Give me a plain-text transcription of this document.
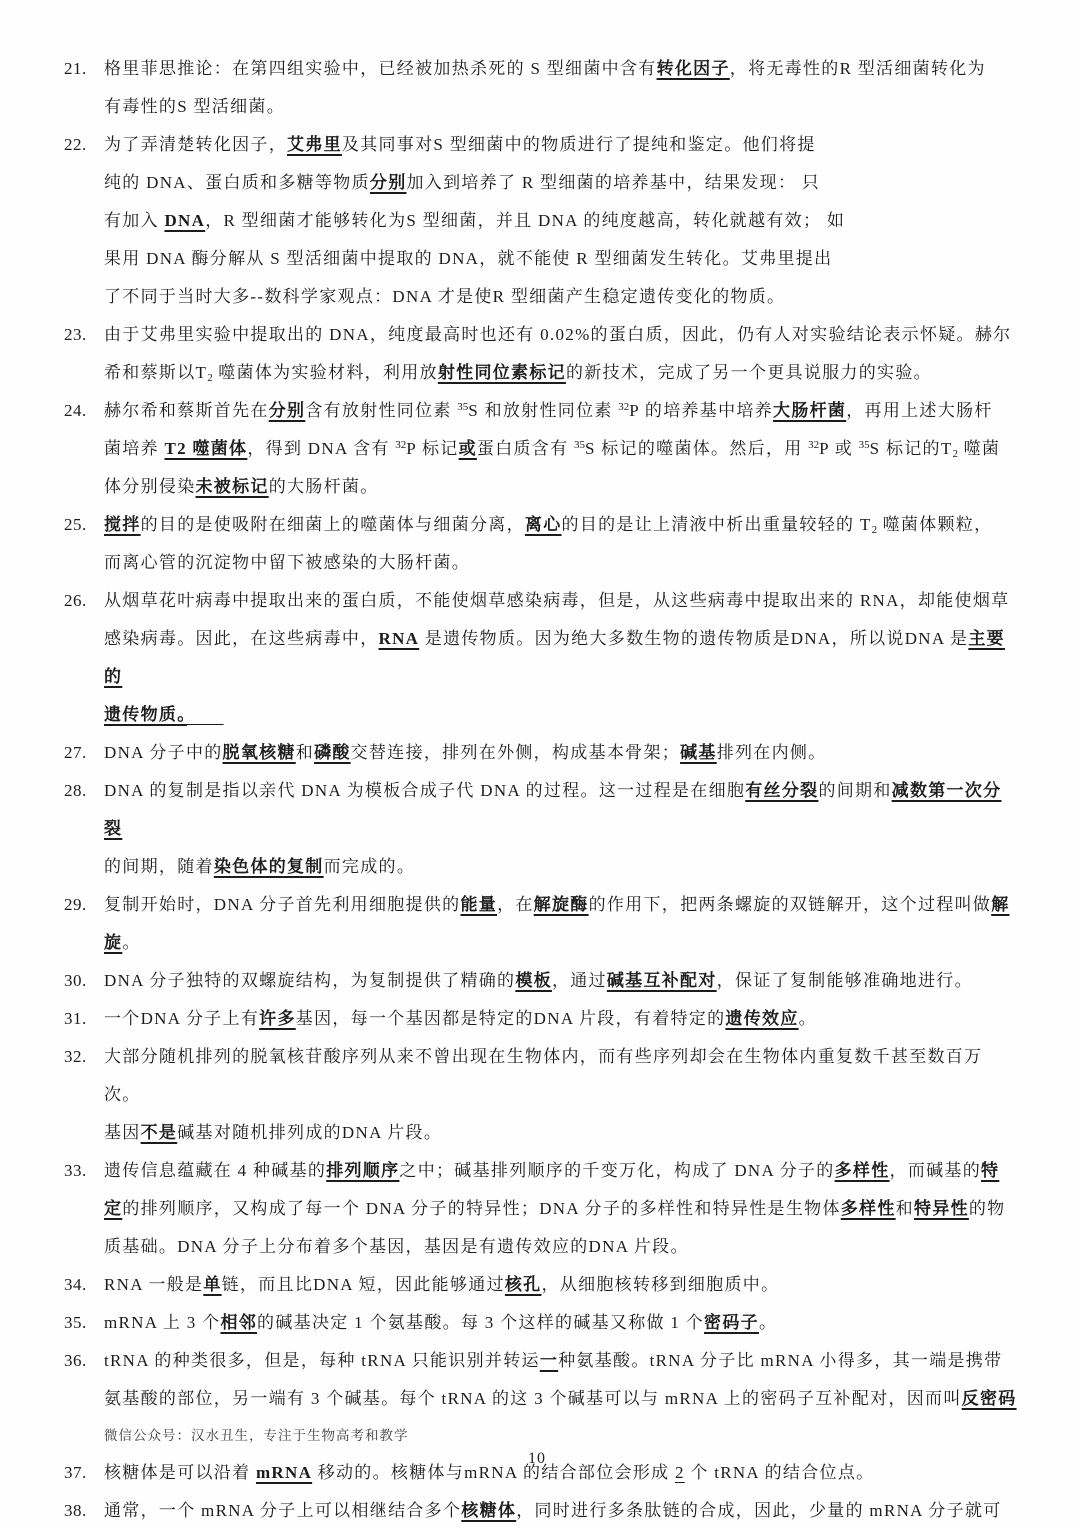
21.	格里菲思推论：在第四组实验中，已经被加热杀死的 S 型细菌中含有转化因子，将无毒性的R 型活细菌转化为
有毒性的S 型活细菌。
22.	为了弄清楚转化因子，艾弗里及其同事对S 型细菌中的物质进行了提纯和鉴定。他们将提
纯的 DNA、蛋白质和多糖等物质分别加入到培养了 R 型细菌的培养基中，结果发现： 只
有加入 DNA，R 型细菌才能够转化为S 型细菌，并且 DNA 的纯度越高，转化就越有效； 如
果用 DNA 酶分解从 S 型活细菌中提取的 DNA，就不能使 R 型细菌发生转化。艾弗里提出
了不同于当时大多--数科学家观点：DNA 才是使R 型细菌产生稳定遗传变化的物质。
23.	由于艾弗里实验中提取出的 DNA，纯度最高时也还有 0.02%的蛋白质，因此，仍有人对实验结论表示怀疑。赫尔
希和蔡斯以$T_2$ 噬菌体为实验材料，利用放射性同位素标记的新技术，完成了另一个更具说服力的实验。
24.	赫尔希和蔡斯首先在分别含有放射性同位素 $^{35}$S 和放射性同位素 $^{32}$P 的培养基中培养大肠杆菌，再用上述大肠杆
菌培养 T2 噬菌体，得到 DNA 含有 $^{32}$P 标记或蛋白质含有 $^{35}$S 标记的噬菌体。然后，用 $^{32}$P 或 $^{35}$S 标记的$T_2$ 噬菌
体分别侵染未被标记的大肠杆菌。
25.	搅拌的目的是使吸附在细菌上的噬菌体与细菌分离，离心的目的是让上清液中析出重量较轻的 $T_2$ 噬菌体颗粒，
而离心管的沉淀物中留下被感染的大肠杆菌。
26.	从烟草花叶病毒中提取出来的蛋白质，不能使烟草感染病毒，但是，从这些病毒中提取出来的 RNA，却能使烟草
感染病毒。因此，在这些病毒中，RNA 是遗传物质。因为绝大多数生物的遗传物质是DNA，所以说DNA 是主要的
遗传物质。　　
27.	DNA 分子中的脱氧核糖和磷酸交替连接，排列在外侧，构成基本骨架；碱基排列在内侧。
28.	DNA 的复制是指以亲代 DNA 为模板合成子代 DNA 的过程。这一过程是在细胞有丝分裂的间期和减数第一次分裂
的间期，随着染色体的复制而完成的。
29.	复制开始时，DNA 分子首先利用细胞提供的能量，在解旋酶的作用下，把两条螺旋的双链解开，这个过程叫做解
旋。
30.	DNA 分子独特的双螺旋结构，为复制提供了精确的模板，通过碱基互补配对，保证了复制能够准确地进行。
31.	一个DNA 分子上有许多基因，每一个基因都是特定的DNA 片段，有着特定的遗传效应。
32.	大部分随机排列的脱氧核苷酸序列从来不曾出现在生物体内，而有些序列却会在生物体内重复数千甚至数百万次。
基因不是碱基对随机排列成的DNA 片段。
33.	遗传信息蕴藏在 4 种碱基的排列顺序之中；碱基排列顺序的千变万化，构成了 DNA 分子的多样性，而碱基的特
定的排列顺序，又构成了每一个 DNA 分子的特异性；DNA 分子的多样性和特异性是生物体多样性和特异性的物
质基础。DNA 分子上分布着多个基因，基因是有遗传效应的DNA 片段。
34.	RNA 一般是单链，而且比DNA 短，因此能够通过核孔，从细胞核转移到细胞质中。
35.	mRNA 上 3 个相邻的碱基决定 1 个氨基酸。每 3 个这样的碱基又称做 1 个密码子。
36.	tRNA 的种类很多，但是，每种 tRNA 只能识别并转运一种氨基酸。tRNA 分子比 mRNA 小得多，其一端是携带
氨基酸的部位，另一端有 3 个碱基。每个 tRNA 的这 3 个碱基可以与 mRNA 上的密码子互补配对，因而叫反密码
微信公众号：汉水丑生，专注于生物高考和教学
37.	核糖体是可以沿着 mRNA 移动的。核糖体与mRNA 的结合部位会形成 2 个 tRNA 的结合位点。
38.	通常，一个 mRNA 分子上可以相继结合多个核糖体，同时进行多条肽链的合成，因此，少量的 mRNA 分子就可
10
